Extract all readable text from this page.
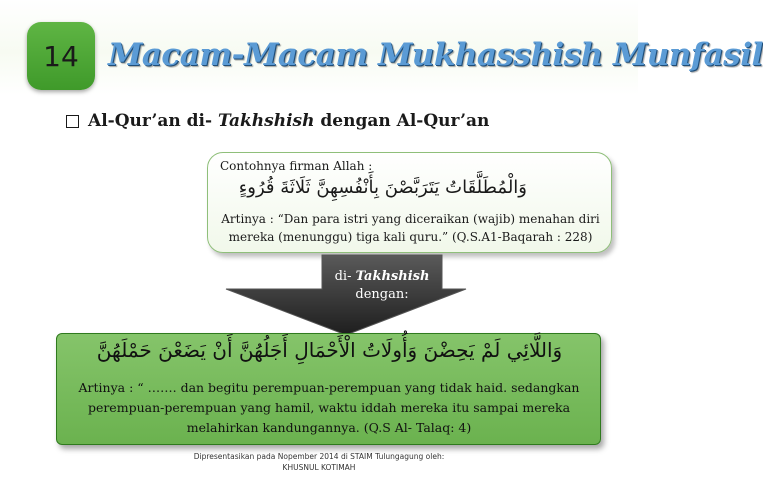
14 Macam-Macam Mukhasshish Munfasil
Al-Qur’an di- Takhshish dengan Al-Qur’an
Contohnya firman Allah :
وَالْمُطَلَّقَاتُ يَتَرَبَّصْنَ بِأَنْفُسِهِنَّ ثَلَاثَةَ قُرُوءٍ
Artinya : “Dan para istri yang diceraikan (wajib) menahan diri mereka (menunggu) tiga kali quru.” (Q.S.A1-Baqarah : 228)
di- Takhshish
dengan:
وَاللَّائِي لَمْ يَحِضْنَ وَأُولَاتُ الْأَحْمَالِ أَجَلُهُنَّ أَنْ يَضَعْنَ حَمْلَهُنَّ
Artinya : “ ……. dan begitu perempuan-perempuan yang tidak haid. sedangkan perempuan-perempuan yang hamil, waktu iddah mereka itu sampai mereka melahirkan kandungannya. (Q.S Al- Talaq: 4)
Dipresentasikan pada Nopember 2014 di STAIM Tulungagung oleh:
KHUSNUL KOTIMAH
